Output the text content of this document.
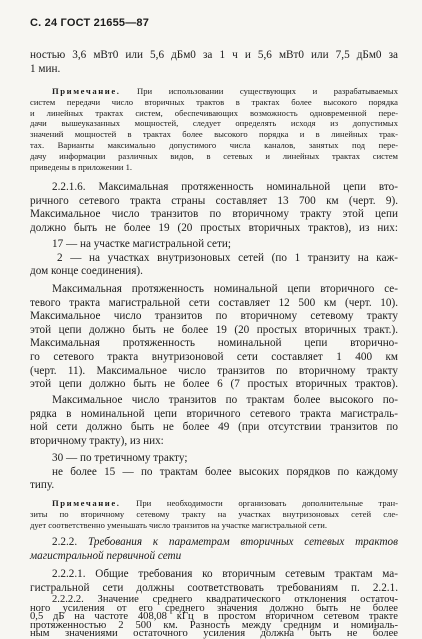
С. 24 ГОСТ 21655—87
ностью 3,6 мВт0 или 5,6 дБм0 за 1 ч и 5,6 мВт0 или 7,5 дБм0 за
1 мин.
Примечание. При использовании существующих и разрабатываемых
систем передачи число вторичных трактов в трактах более высокого порядка
и линейных трактах систем, обеспечивающих возможность одновременной пере-
дачи вышеуказанных мощностей, следует определять исходя из допустимых
значений мощностей в трактах более высокого порядка и в линейных трак-
тах. Варианты максимально допустимого числа каналов, занятых под пере-
дачу информации различных видов, в сетевых и линейных трактах систем
приведены в приложении 1.
2.2.1.6. Максимальная протяженность номинальной цепи вто-
ричного сетевого тракта страны составляет 13 700 км (черт. 9).
Максимальное число транзитов по вторичному тракту этой цепи
должно быть не более 19 (20 простых вторичных трактов), из них:
17 — на участке магистральной сети;
2 — на участках внутризоновых сетей (по 1 транзиту на каж-
дом конце соединения).
Максимальная протяженность номинальной цепи вторичного се-
тевого тракта магистральной сети составляет 12 500 км (черт. 10).
Максимальное число транзитов по вторичному сетевому тракту
этой цепи должно быть не более 19 (20 простых вторичных тракт.).
Максимальная протяженность номинальной цепи вторично-
го сетевого тракта внутризоновой сети составляет 1 400 км
(черт. 11). Максимальное число транзитов по вторичному тракту
этой цепи должно быть не более 6 (7 простых вторичных трактов).
Максимальное число транзитов по трактам более высокого по-
рядка в номинальной цепи вторичного сетевого тракта магистраль-
ной сети должно быть не более 49 (при отсутствии транзитов по
вторичному тракту), из них:
30 — по третичному тракту;
не более 15 — по трактам более высоких порядков по каждому
типу.
Примечание. При необходимости организовать дополнительные тран-
зиты по вторичному сетевому тракту на участках внутризоновых сетей сле-
дует соответственно уменьшать число транзитов на участке магистральной сети.
2.2.2. Требования к параметрам вторичных сетевых трактов
магистральной первичной сети
2.2.2.1. Общие требования ко вторичным сетевым трактам ма-
гистральной сети должны соответствовать требованиям п. 2.2.1.
2.2.2.2. Значение среднего квадратического отклонения остаточ-
ного усиления от его среднего значения должно быть не более
0,5 дБ на частоте 408,08 кГц в простом вторичном сетевом тракте
протяженностью 2 500 км. Разность между средним и номиналь-
ным значениями остаточного усиления должна быть не более
